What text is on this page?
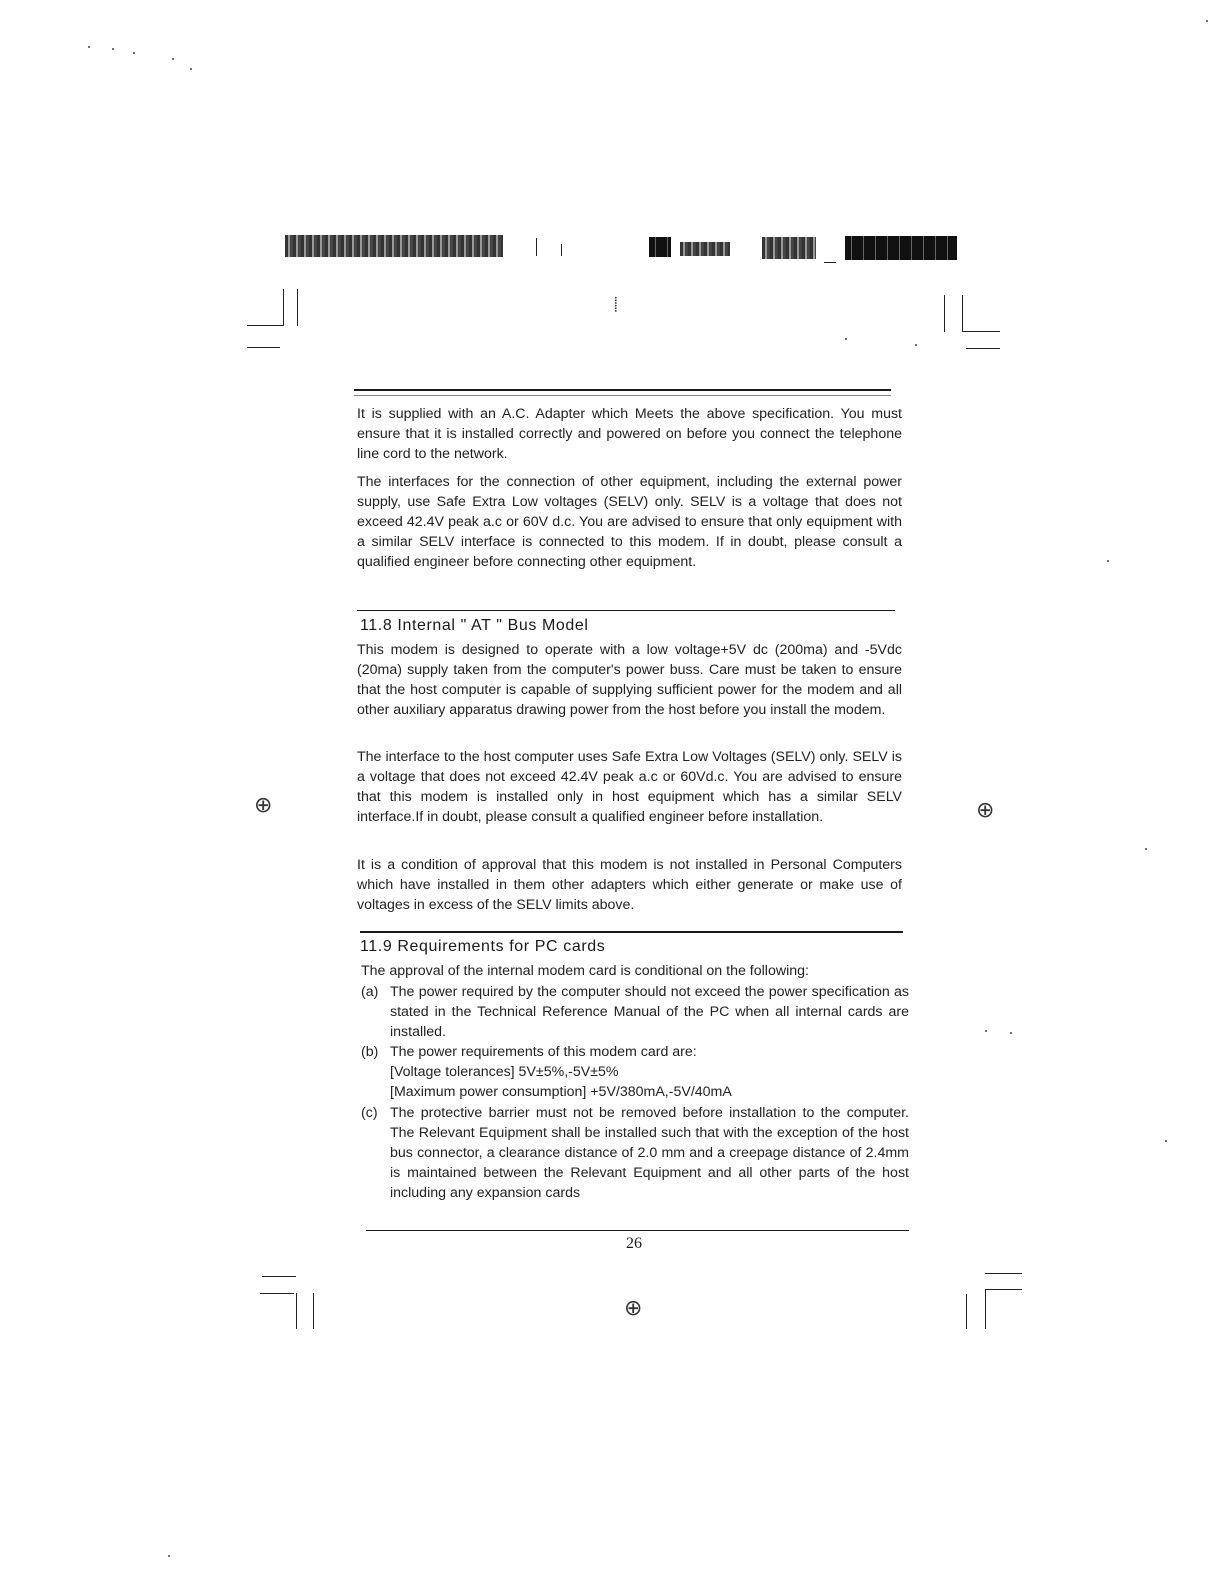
⸽
⊕	⊕
⊕

It is supplied with an A.C. Adapter which Meets the above specification. You must ensure that it is installed correctly and powered on before you connect the telephone line cord to the network.

The interfaces for the connection of other equipment, including the external power supply, use Safe Extra Low voltages (SELV) only. SELV is a voltage that does not exceed 42.4V peak a.c or 60V d.c. You are advised to ensure that only equipment with a similar SELV interface is connected to this modem. If in doubt, please consult a qualified engineer before connecting other equipment.

11.8 Internal " AT " Bus Model

This modem is designed to operate with a low voltage+5V dc (200ma) and -5Vdc (20ma) supply taken from the computer's power buss. Care must be taken to ensure that the host computer is capable of supplying sufficient power for the modem and all other auxiliary apparatus drawing power from the host before you install the modem.

The interface to the host computer uses Safe Extra Low Voltages (SELV) only. SELV is a voltage that does not exceed 42.4V peak a.c or 60Vd.c. You are advised to ensure that this modem is installed only in host equipment which has a similar SELV interface.If in doubt, please consult a qualified engineer before installation.

It is a condition of approval that this modem is not installed in Personal Computers which have installed in them other adapters which either generate or make use of voltages in excess of the SELV limits above.

11.9 Requirements for PC cards

The approval of the internal modem card is conditional on the following:

(a) The power required by the computer should not exceed the power specification as stated in the Technical Reference Manual of the PC when all internal cards are installed.
(b) The power requirements of this modem card are:
[Voltage tolerances] 5V±5%,-5V±5%
[Maximum power consumption] +5V/380mA,-5V/40mA
(c) The protective barrier must not be removed before installation to the computer. The Relevant Equipment shall be installed such that with the exception of the host bus connector, a clearance distance of 2.0 mm and a creepage distance of 2.4mm is maintained between the Relevant Equipment and all other parts of the host including any expansion cards
26
